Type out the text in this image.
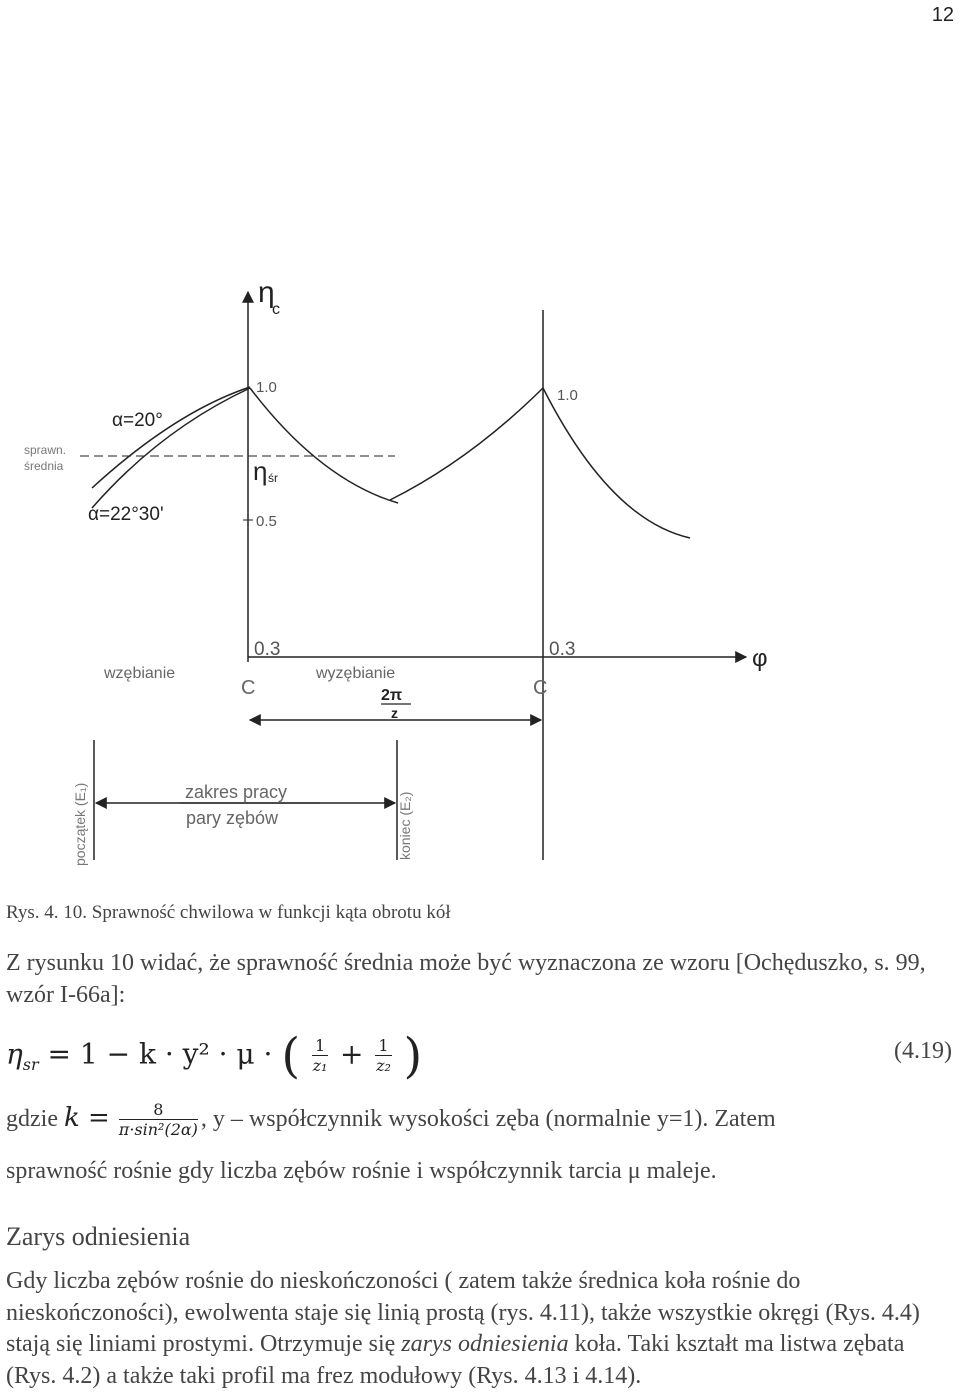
12
η
c
φ
1.0	1.0
0.5
0.3	0.3
α=20°
α=22°30'
sprawn.
średnia	η śr
wzębianie	wyzębianie
C	C
2π
z
zakres pracy
pary zębów
początek (E₁)	koniec (E₂)
Rys. 4. 10. Sprawność chwilowa w funkcji kąta obrotu kół
Z rysunku 10 widać, że sprawność średnia może być wyznaczona ze wzoru [Ochęduszko, s. 99, wzór I-66a]:
$\eta_{sr} = 1 - k \cdot y^2 \cdot \mu$ · ( $\frac{1}{\text{z₁}} + \frac{1}{\text{z₂}}$ )	(4.19)
gdzie $k = \frac{8}{\text{π·sin²(2α)}}$ , y – współczynnik wysokości zęba (normalnie y=1). Zatem
sprawność rośnie gdy liczba zębów rośnie i współczynnik tarcia μ maleje.
Zarys odniesienia
Gdy liczba zębów rośnie do nieskończoności ( zatem także średnica koła rośnie do nieskończoności), ewolwenta staje się linią prostą (rys. 4.11), także wszystkie okręgi (Rys. 4.4) stają się liniami prostymi. Otrzymuje się zarys odniesienia koła. Taki kształt ma listwa zębata (Rys. 4.2) a także taki profil ma frez modułowy (Rys. 4.13 i 4.14).
